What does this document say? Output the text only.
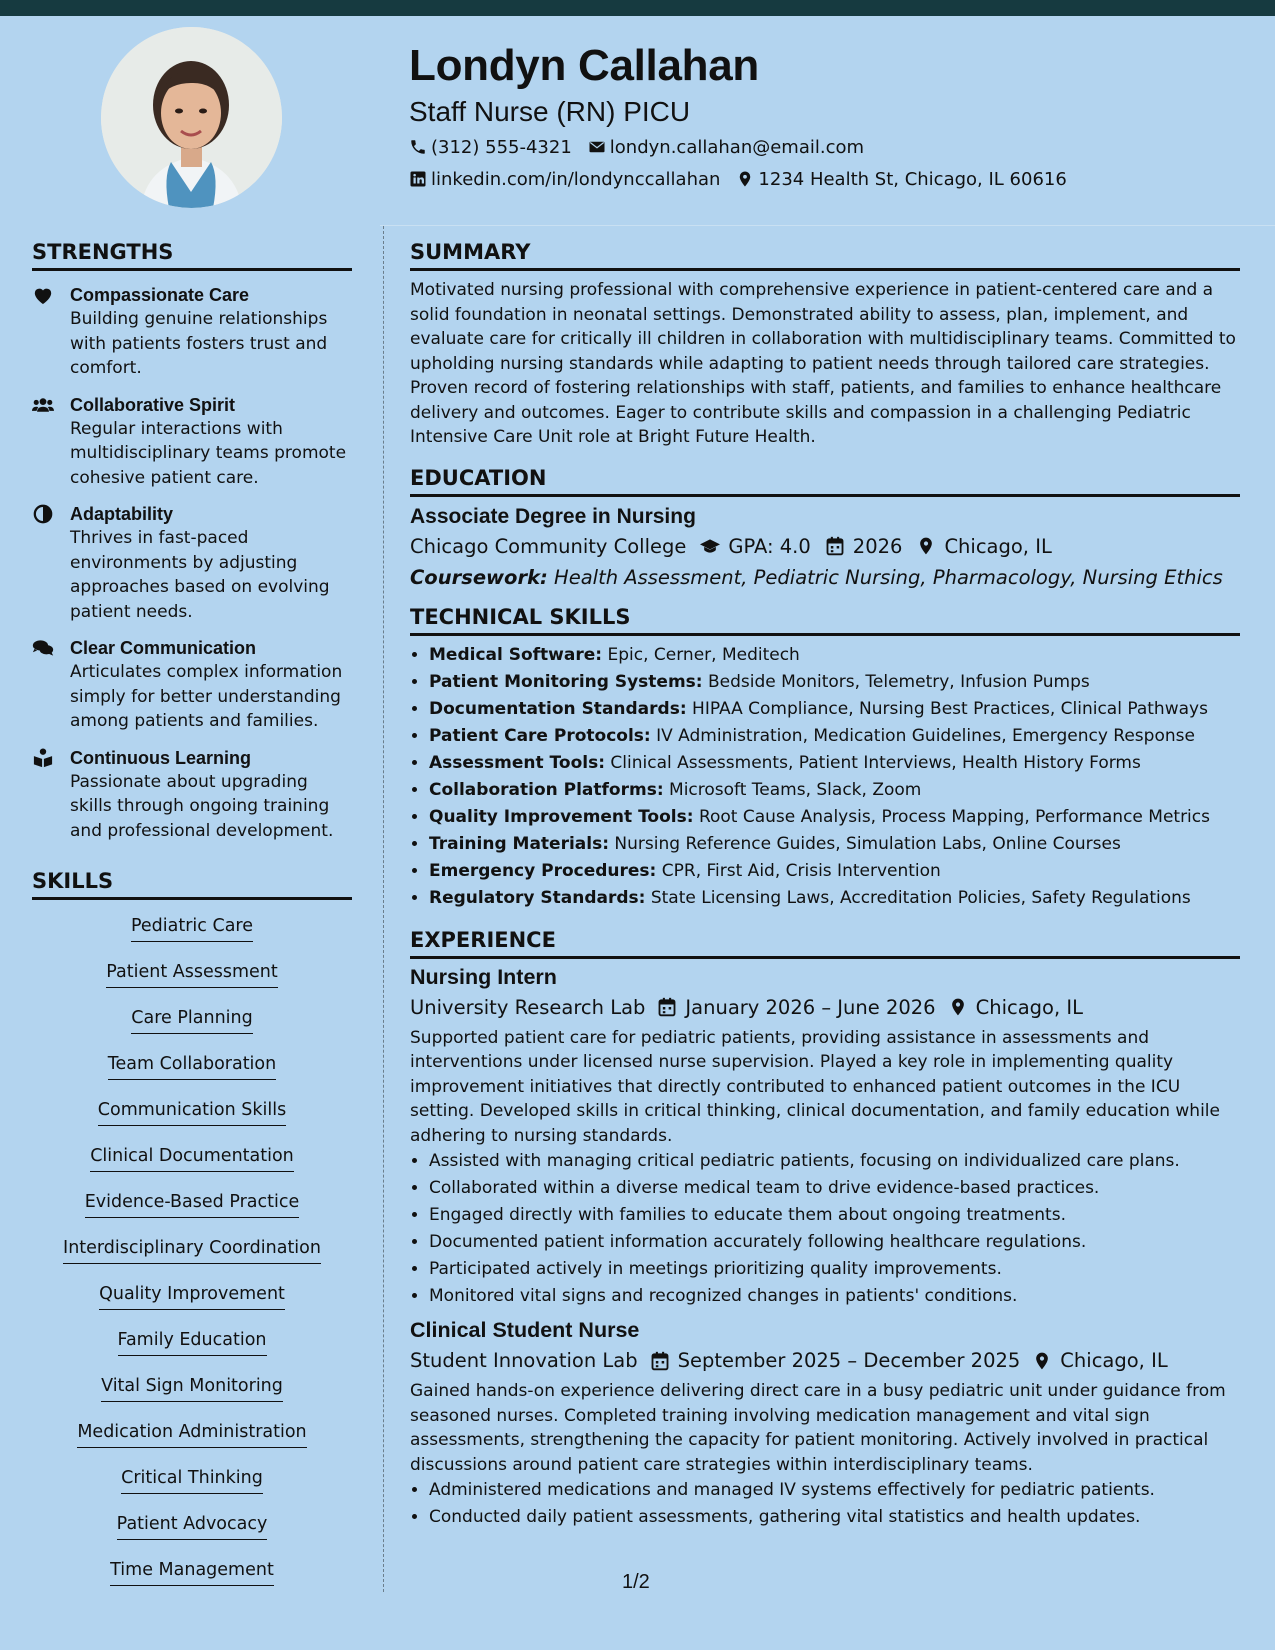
Londyn Callahan
Staff Nurse (RN) PICU
(312) 555-4321 londyn.callahan@email.com
linkedin.com/in/londynccallahan 1234 Health St, Chicago, IL 60616
STRENGTHS
Compassionate Care
Building genuine relationships with patients fosters trust and comfort.
Collaborative Spirit
Regular interactions with multidisciplinary teams promote cohesive patient care.
Adaptability
Thrives in fast-paced environments by adjusting approaches based on evolving patient needs.
Clear Communication
Articulates complex information simply for better understanding among patients and families.
Continuous Learning
Passionate about upgrading skills through ongoing training and professional development.
SKILLS
Pediatric Care
Patient Assessment
Care Planning
Team Collaboration
Communication Skills
Clinical Documentation
Evidence-Based Practice
Interdisciplinary Coordination
Quality Improvement
Family Education
Vital Sign Monitoring
Medication Administration
Critical Thinking
Patient Advocacy
Time Management
SUMMARY

Motivated nursing professional with comprehensive experience in patient-centered care and a solid foundation in neonatal settings. Demonstrated ability to assess, plan, implement, and evaluate care for critically ill children in collaboration with multidisciplinary teams. Committed to upholding nursing standards while adapting to patient needs through tailored care strategies. Proven record of fostering relationships with staff, patients, and families to enhance healthcare delivery and outcomes. Eager to contribute skills and compassion in a challenging Pediatric Intensive Care Unit role at Bright Future Health.

EDUCATION
Associate Degree in Nursing
Chicago Community College GPA: 4.0 2026 Chicago, IL
Coursework: Health Assessment, Pediatric Nursing, Pharmacology, Nursing Ethics
TECHNICAL SKILLS
• Medical Software: Epic, Cerner, Meditech
• Patient Monitoring Systems: Bedside Monitors, Telemetry, Infusion Pumps
• Documentation Standards: HIPAA Compliance, Nursing Best Practices, Clinical Pathways
• Patient Care Protocols: IV Administration, Medication Guidelines, Emergency Response
• Assessment Tools: Clinical Assessments, Patient Interviews, Health History Forms
• Collaboration Platforms: Microsoft Teams, Slack, Zoom
• Quality Improvement Tools: Root Cause Analysis, Process Mapping, Performance Metrics
• Training Materials: Nursing Reference Guides, Simulation Labs, Online Courses
• Emergency Procedures: CPR, First Aid, Crisis Intervention
• Regulatory Standards: State Licensing Laws, Accreditation Policies, Safety Regulations
EXPERIENCE
Nursing Intern
University Research Lab January 2026 – June 2026 Chicago, IL

Supported patient care for pediatric patients, providing assistance in assessments and interventions under licensed nurse supervision. Played a key role in implementing quality improvement initiatives that directly contributed to enhanced patient outcomes in the ICU setting. Developed skills in critical thinking, clinical documentation, and family education while adhering to nursing standards.

• Assisted with managing critical pediatric patients, focusing on individualized care plans.
• Collaborated within a diverse medical team to drive evidence-based practices.
• Engaged directly with families to educate them about ongoing treatments.
• Documented patient information accurately following healthcare regulations.
• Participated actively in meetings prioritizing quality improvements.
• Monitored vital signs and recognized changes in patients' conditions.
Clinical Student Nurse
Student Innovation Lab September 2025 – December 2025 Chicago, IL

Gained hands-on experience delivering direct care in a busy pediatric unit under guidance from seasoned nurses. Completed training involving medication management and vital sign assessments, strengthening the capacity for patient monitoring. Actively involved in practical discussions around patient care strategies within interdisciplinary teams.

• Administered medications and managed IV systems effectively for pediatric patients.
• Conducted daily patient assessments, gathering vital statistics and health updates.
1/2
